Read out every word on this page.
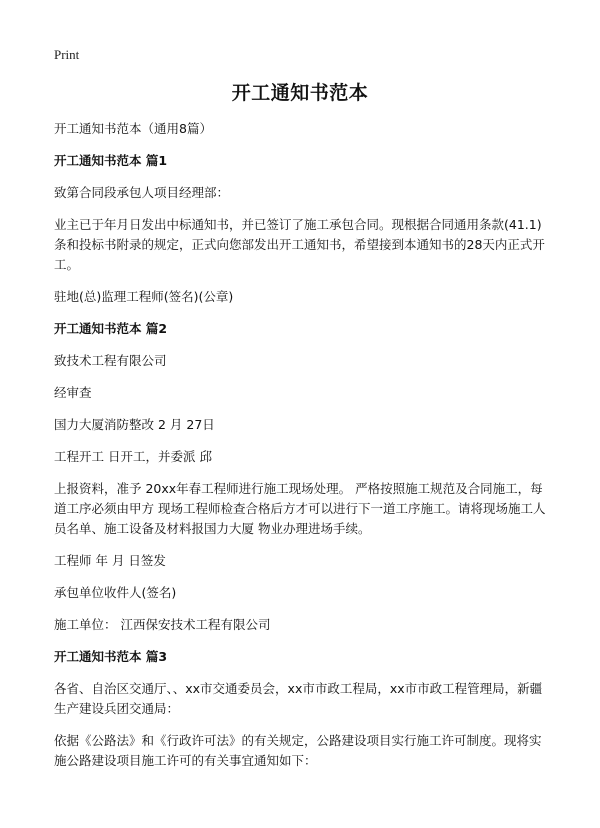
Print
开工通知书范本

开工通知书范本（通用8篇）

开工通知书范本 篇1

致第合同段承包人项目经理部：

业主已于年月日发出中标通知书，并已签订了施工承包合同。现根据合同通用条款(41.1)条和投标书附录的规定，正式向您部发出开工通知书，希望接到本通知书的28天内正式开工。

驻地(总)监理工程师(签名)(公章)

开工通知书范本 篇2

致技术工程有限公司

经审查

国力大厦消防整改 2 月 27日

工程开工 日开工，并委派 邱

上报资料，准予 20xx年春工程师进行施工现场处理。 严格按照施工规范及合同施工，每道工序必须由甲方 现场工程师检查合格后方才可以进行下一道工序施工。请将现场施工人员名单、施工设备及材料报国力大厦 物业办理进场手续。

工程师 年 月 日签发

承包单位收件人(签名)

施工单位： 江西保安技术工程有限公司

开工通知书范本 篇3

各省、自治区交通厅、、xx市交通委员会，xx市市政工程局，xx市市政工程管理局，新疆生产建设兵团交通局：

依据《公路法》和《行政许可法》的有关规定，公路建设项目实行施工许可制度。现将实施公路建设项目施工许可的有关事宜通知如下：
